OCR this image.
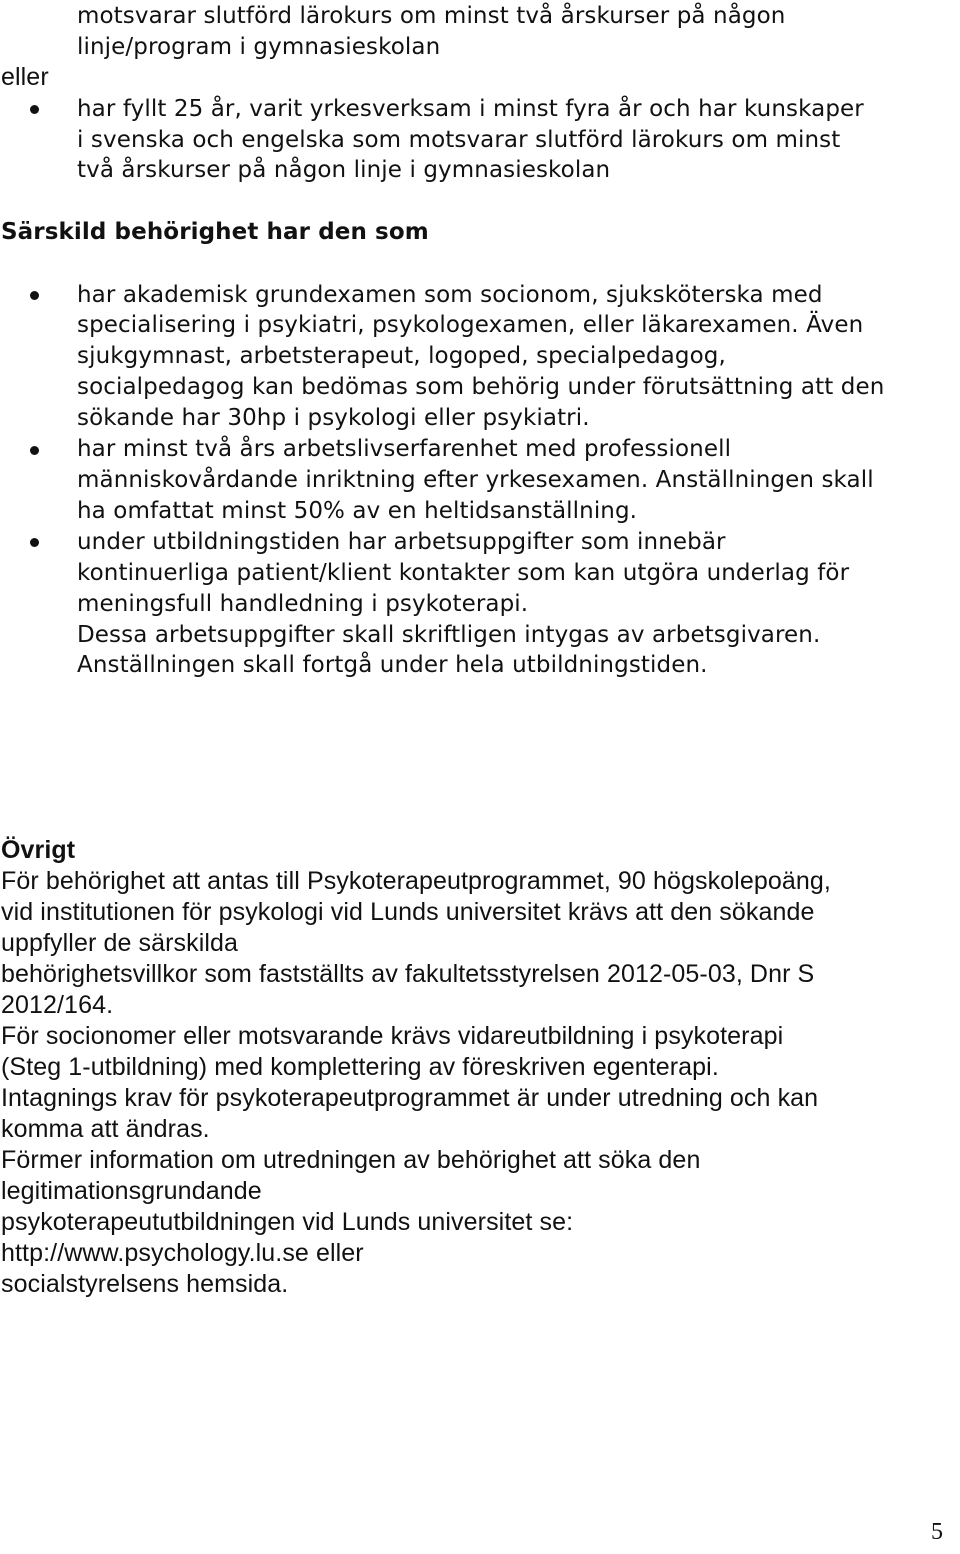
motsvarar slutförd lärokurs om minst två årskurser på någon
linje/program i gymnasieskolan
eller
har fyllt 25 år, varit yrkesverksam i minst fyra år och har kunskaper
i svenska och engelska som motsvarar slutförd lärokurs om minst
två årskurser på någon linje i gymnasieskolan
Särskild behörighet har den som
har akademisk grundexamen som socionom, sjuksköterska med
specialisering i psykiatri, psykologexamen, eller läkarexamen. Även
sjukgymnast, arbetsterapeut, logoped, specialpedagog,
socialpedagog kan bedömas som behörig under förutsättning att den
sökande har 30hp i psykologi eller psykiatri.
har minst två års arbetslivserfarenhet med professionell
människovårdande inriktning efter yrkesexamen. Anställningen skall
ha omfattat minst 50% av en heltidsanställning.
under utbildningstiden har arbetsuppgifter som innebär
kontinuerliga patient/klient kontakter som kan utgöra underlag för
meningsfull handledning i psykoterapi.
Dessa arbetsuppgifter skall skriftligen intygas av arbetsgivaren.
Anställningen skall fortgå under hela utbildningstiden.
Övrigt
För behörighet att antas till Psykoterapeutprogrammet, 90 högskolepoäng,
vid institutionen för psykologi vid Lunds universitet krävs att den sökande
uppfyller de särskilda
behörighetsvillkor som fastställts av fakultetsstyrelsen 2012-05-03, Dnr S
2012/164.
För socionomer eller motsvarande krävs vidareutbildning i psykoterapi
(Steg 1-utbildning) med komplettering av föreskriven egenterapi.
Intagnings krav för psykoterapeutprogrammet är under utredning och kan
komma att ändras.
Förmer information om utredningen av behörighet att söka den
legitimationsgrundande
psykoterapeututbildningen vid Lunds universitet se:
http://www.psychology.lu.se eller
socialstyrelsens hemsida.
5
